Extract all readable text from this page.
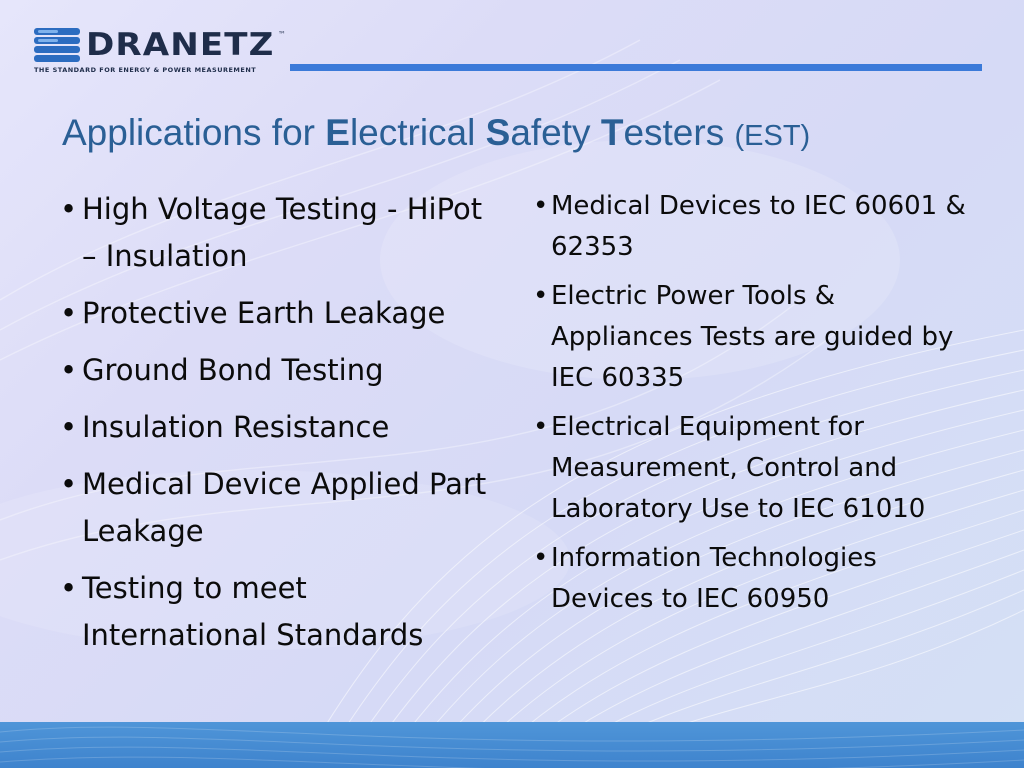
DRANETZ ™
THE STANDARD FOR ENERGY & POWER MEASUREMENT
Applications for Electrical Safety Testers (EST)
• High Voltage Testing - HiPot – Insulation
• Protective Earth Leakage
• Ground Bond Testing
• Insulation Resistance
• Medical Device Applied Part Leakage
• Testing to meet International Standards
• Medical Devices to IEC 60601 & 62353
• Electric Power Tools & Appliances Tests are guided by IEC 60335
• Electrical Equipment for Measurement, Control and Laboratory Use to IEC 61010
• Information Technologies Devices to IEC 60950
